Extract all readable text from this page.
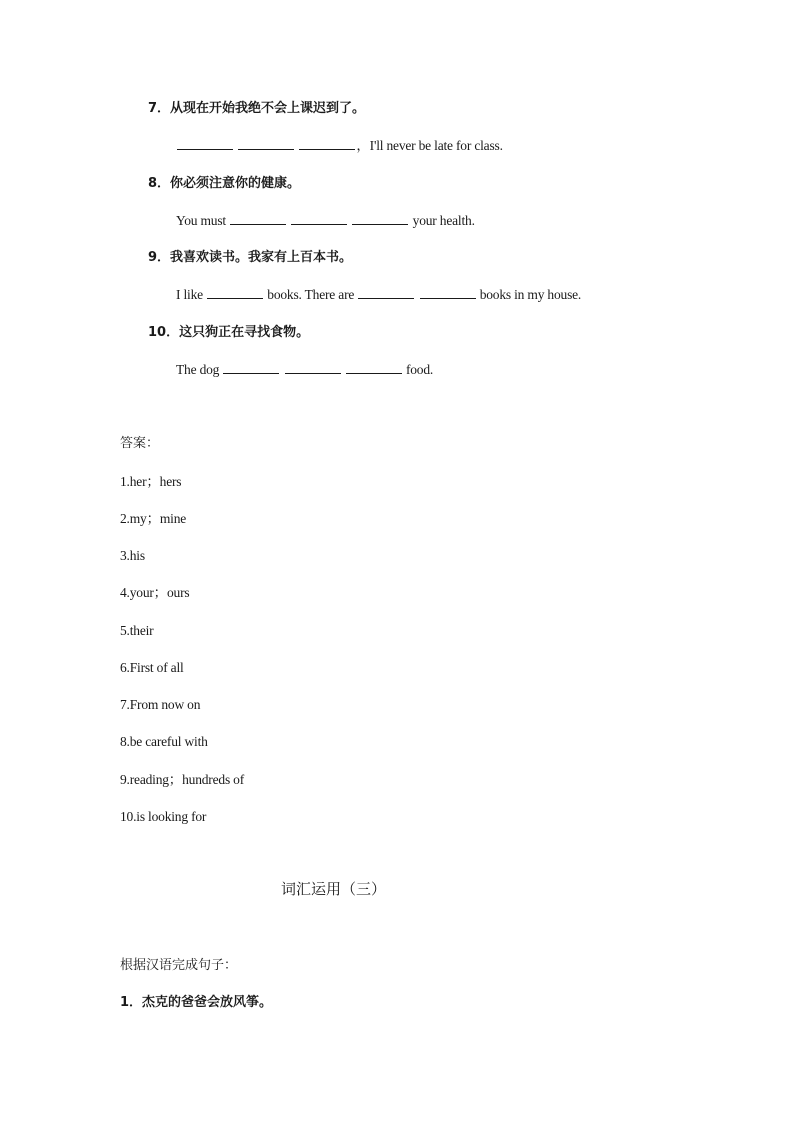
7．从现在开始我绝不会上课迟到了。
，I'll never be late for class.
8．你必须注意你的健康。
You must	your health.
9．我喜欢读书。我家有上百本书。
I like	books. There are	books in my house.
10．这只狗正在寻找食物。
The dog	food.
答案：
1.her；hers
2.my；mine
3.his
4.your；ours
5.their
6.First of all
7.From now on
8.be careful with
9.reading；hundreds of
10.is looking for
词汇运用（三）
根据汉语完成句子：
1．杰克的爸爸会放风筝。
